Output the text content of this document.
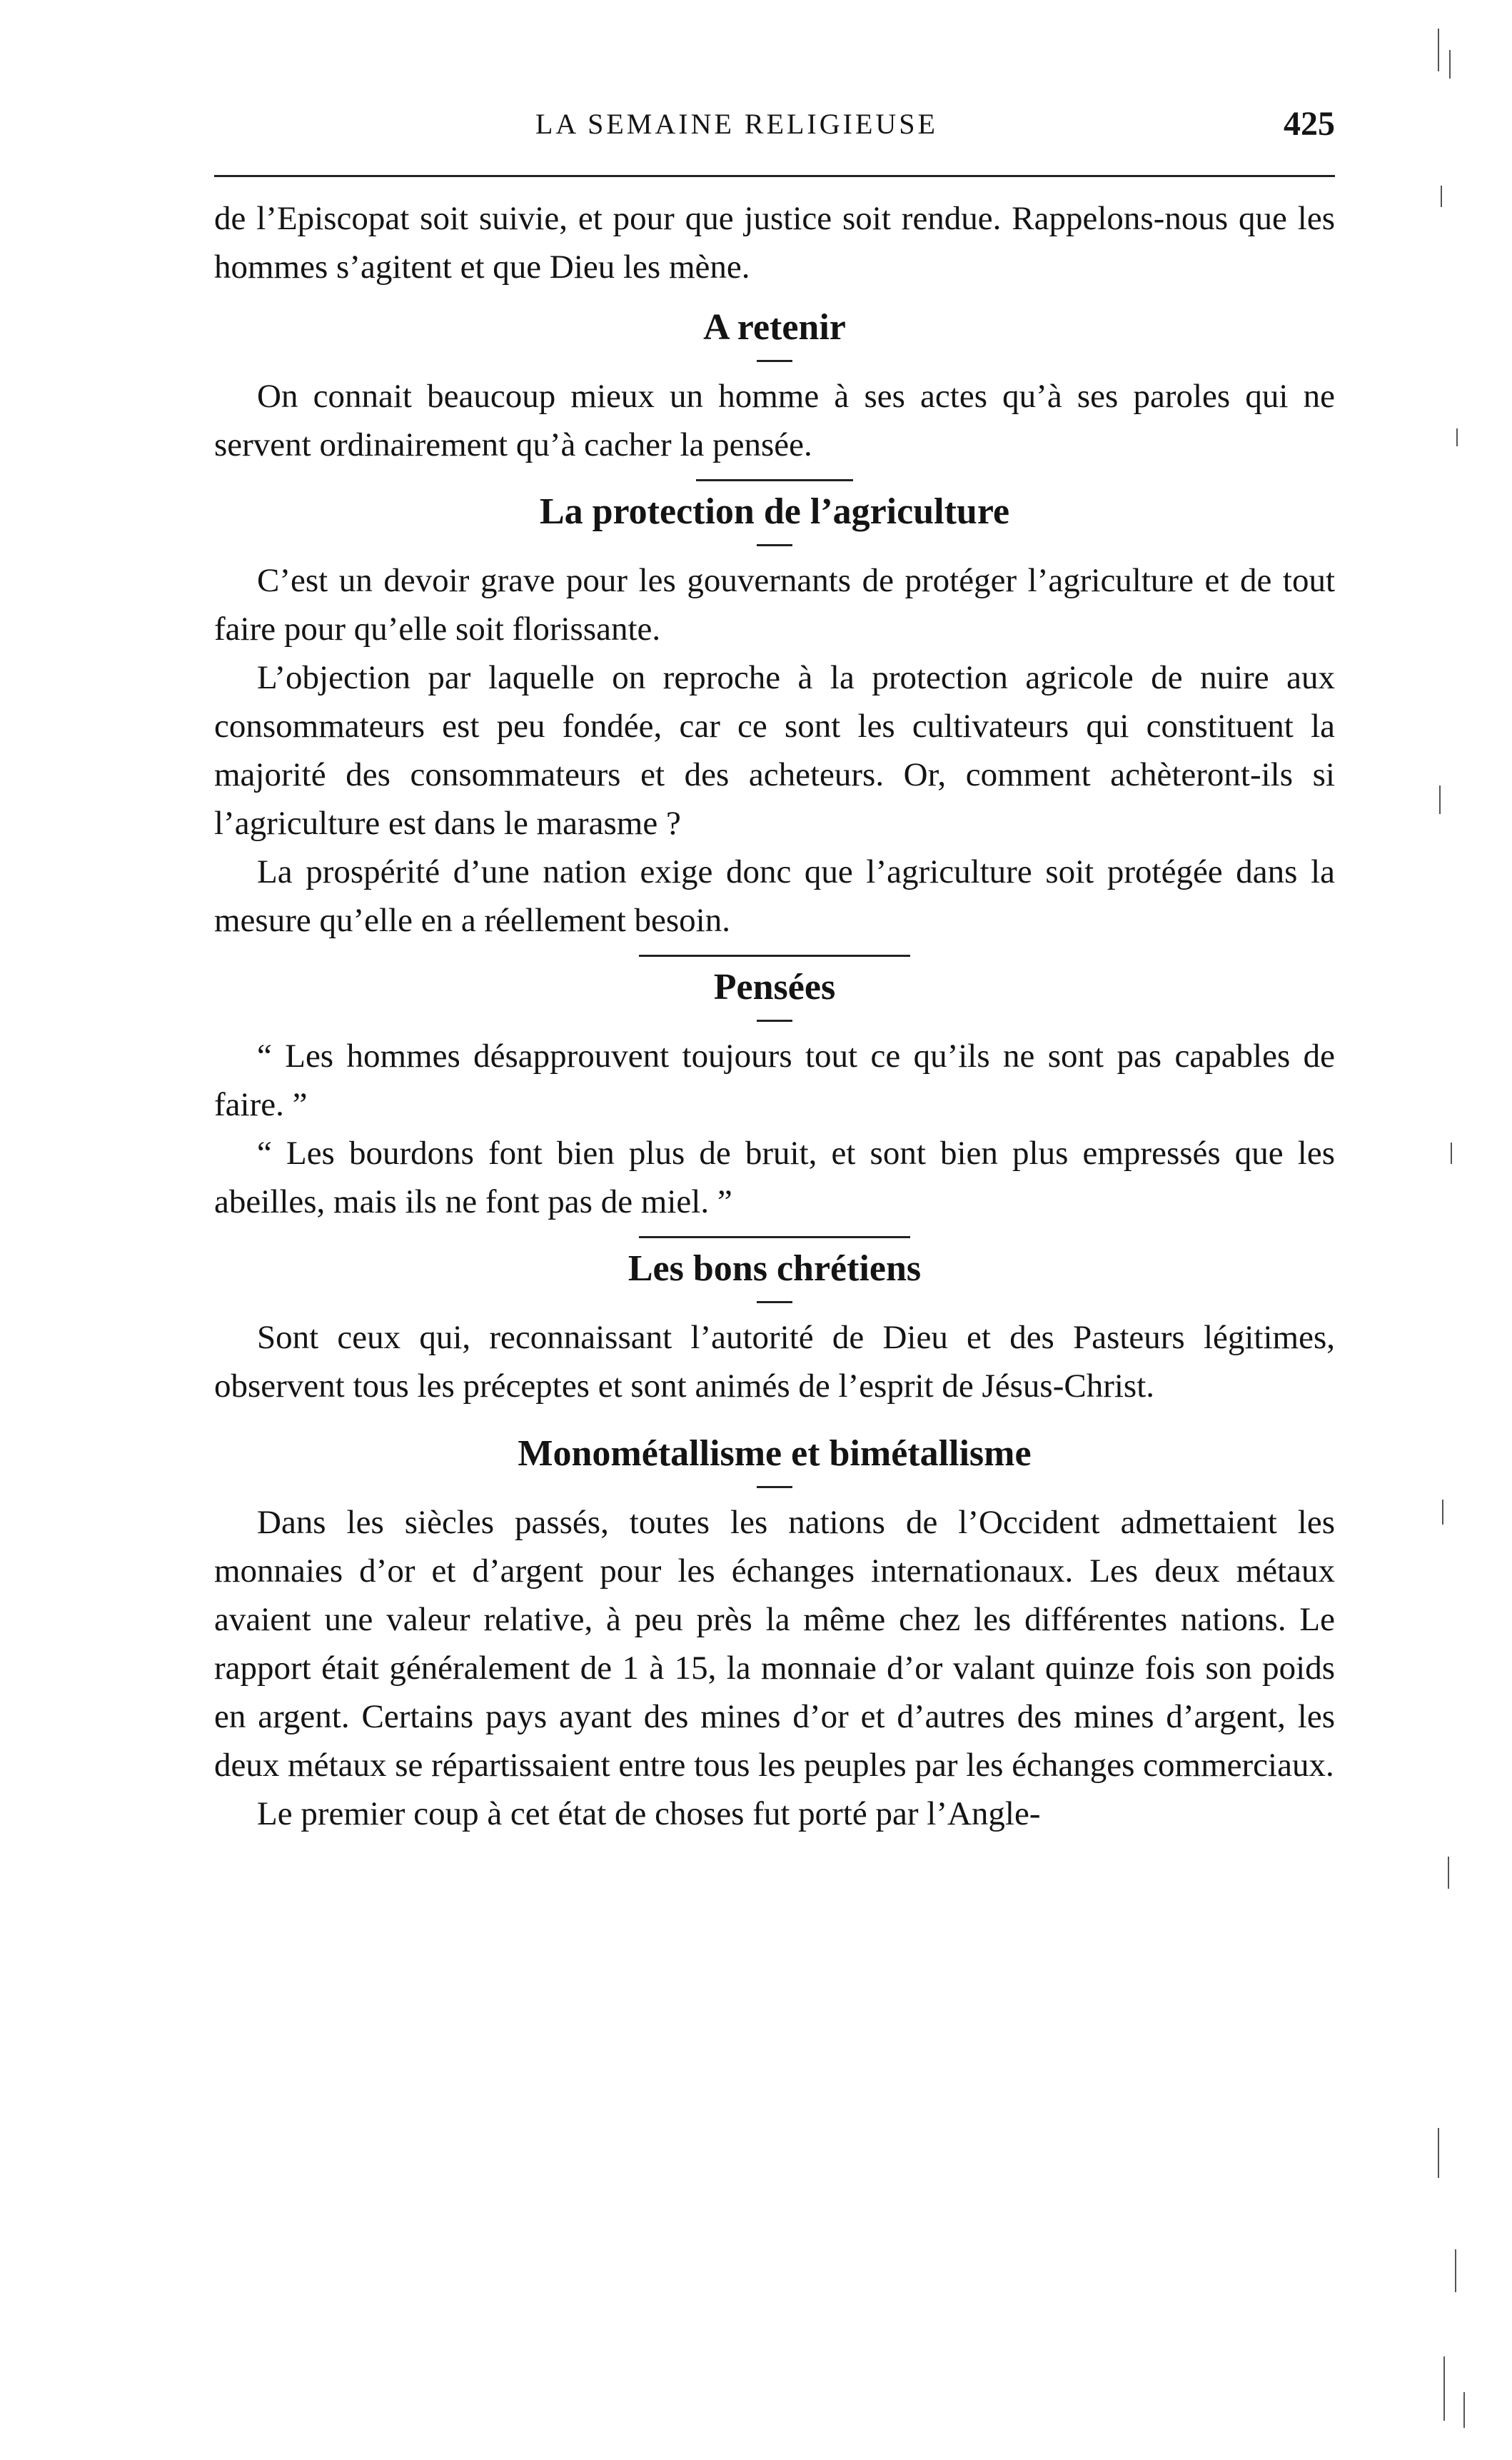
LA SEMAINE RELIGIEUSE	425

de l’Episcopat soit suivie, et pour que justice soit rendue. Rappelons-nous que les hommes s’agitent et que Dieu les mène.

A retenir

On connait beaucoup mieux un homme à ses actes qu’à ses paroles qui ne servent ordinairement qu’à cacher la pensée.

La protection de l’agriculture

C’est un devoir grave pour les gouvernants de protéger l’agriculture et de tout faire pour qu’elle soit florissante.

L’objection par laquelle on reproche à la protection agricole de nuire aux consommateurs est peu fondée, car ce sont les cultivateurs qui constituent la majorité des consommateurs et des acheteurs. Or, comment achèteront-ils si l’agriculture est dans le marasme ?

La prospérité d’une nation exige donc que l’agriculture soit protégée dans la mesure qu’elle en a réellement besoin.

Pensées

“ Les hommes désapprouvent toujours tout ce qu’ils ne sont pas capables de faire. ”

“ Les bourdons font bien plus de bruit, et sont bien plus empressés que les abeilles, mais ils ne font pas de miel. ”

Les bons chrétiens

Sont ceux qui, reconnaissant l’autorité de Dieu et des Pasteurs légitimes, observent tous les préceptes et sont animés de l’esprit de Jésus-Christ.

Monométallisme et bimétallisme

Dans les siècles passés, toutes les nations de l’Occident admettaient les monnaies d’or et d’argent pour les échanges internationaux. Les deux métaux avaient une valeur relative, à peu près la même chez les différentes nations. Le rapport était généralement de 1 à 15, la monnaie d’or valant quinze fois son poids en argent. Certains pays ayant des mines d’or et d’autres des mines d’argent, les deux métaux se répartissaient entre tous les peuples par les échanges commerciaux.

Le premier coup à cet état de choses fut porté par l’Angle-
